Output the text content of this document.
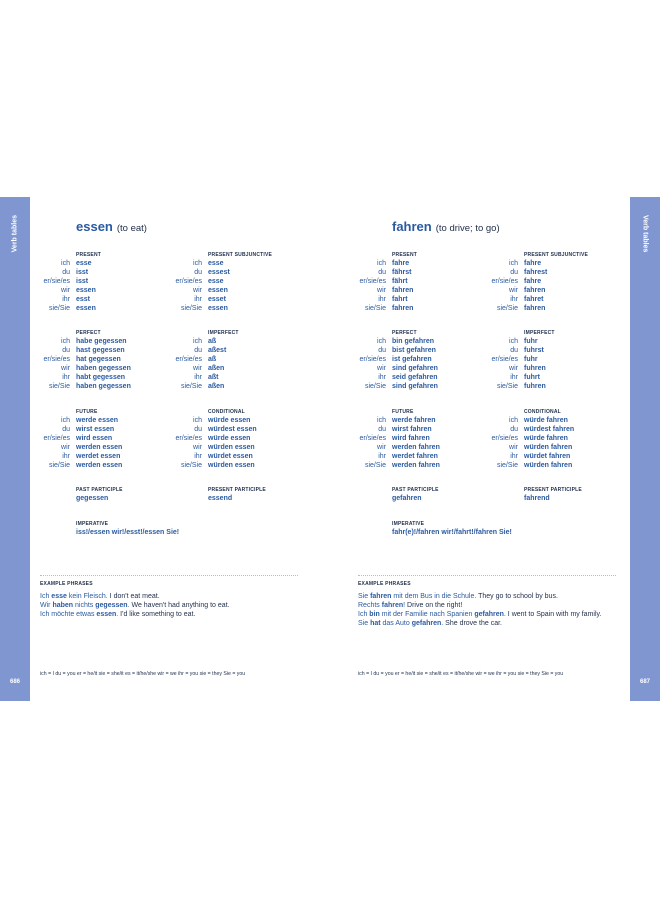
Verb tables
686
Verb tables
687
essen (to eat)
PRESENT
ich esse
du isst
er/sie/es isst
wir essen
ihr esst
sie/Sie essen
PRESENT SUBJUNCTIVE
ich esse
du essest
er/sie/es esse
wir essen
ihr esset
sie/Sie essen
PERFECT
ich habe gegessen
du hast gegessen
er/sie/es hat gegessen
wir haben gegessen
ihr habt gegessen
sie/Sie haben gegessen
IMPERFECT
ich aß
du aßest
er/sie/es aß
wir aßen
ihr aßt
sie/Sie aßen
FUTURE
ich werde essen
du wirst essen
er/sie/es wird essen
wir werden essen
ihr werdet essen
sie/Sie werden essen
CONDITIONAL
ich würde essen
du würdest essen
er/sie/es würde essen
wir würden essen
ihr würdet essen
sie/Sie würden essen
PAST PARTICIPLE
gegessen
PRESENT PARTICIPLE
essend
IMPERATIVE
iss!/essen wir!/esst!/essen Sie!
EXAMPLE PHRASES
Ich esse kein Fleisch. I don't eat meat.
Wir haben nichts gegessen. We haven't had anything to eat.
Ich möchte etwas essen. I'd like something to eat.
ich = I du = you er = he/it sie = she/it es = it/he/she wir = we ihr = you sie = they Sie = you
fahren (to drive; to go)
PRESENT
ich fahre
du fährst
er/sie/es fährt
wir fahren
ihr fahrt
sie/Sie fahren
PRESENT SUBJUNCTIVE
ich fahre
du fahrest
er/sie/es fahre
wir fahren
ihr fahret
sie/Sie fahren
PERFECT
ich bin gefahren
du bist gefahren
er/sie/es ist gefahren
wir sind gefahren
ihr seid gefahren
sie/Sie sind gefahren
IMPERFECT
ich fuhr
du fuhrst
er/sie/es fuhr
wir fuhren
ihr fuhrt
sie/Sie fuhren
FUTURE
ich werde fahren
du wirst fahren
er/sie/es wird fahren
wir werden fahren
ihr werdet fahren
sie/Sie werden fahren
CONDITIONAL
ich würde fahren
du würdest fahren
er/sie/es würde fahren
wir würden fahren
ihr würdet fahren
sie/Sie würden fahren
PAST PARTICIPLE
gefahren
PRESENT PARTICIPLE
fahrend
IMPERATIVE
fahr(e)!/fahren wir!/fahrt!/fahren Sie!
EXAMPLE PHRASES
Sie fahren mit dem Bus in die Schule. They go to school by bus.
Rechts fahren! Drive on the right!
Ich bin mit der Familie nach Spanien gefahren. I went to Spain with my family.
Sie hat das Auto gefahren. She drove the car.
ich = I du = you er = he/it sie = she/it es = it/he/she wir = we ihr = you sie = they Sie = you
